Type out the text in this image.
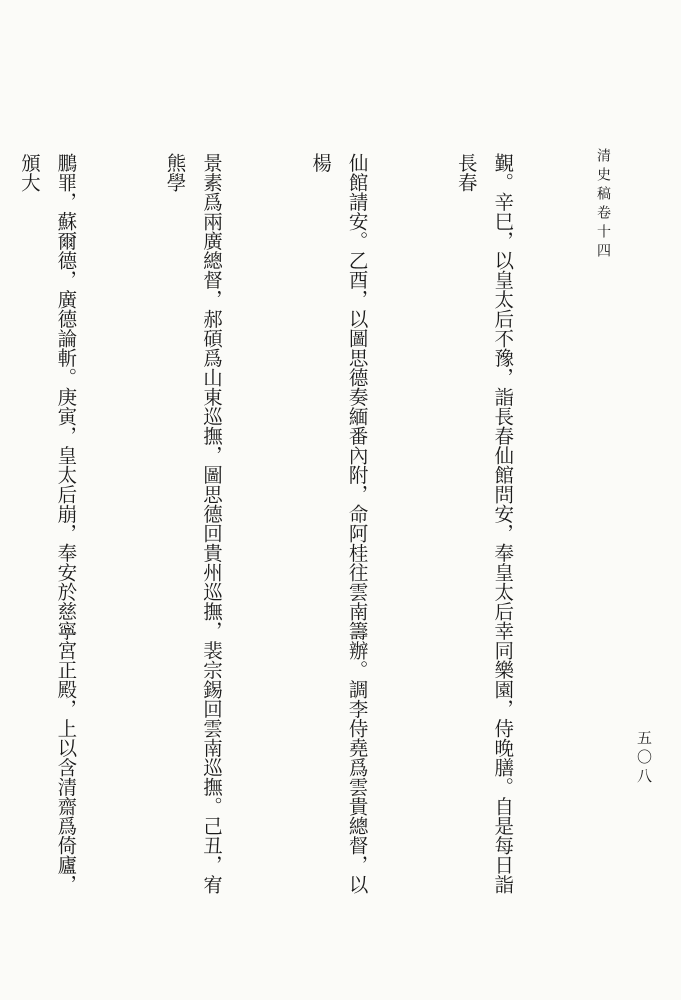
清史稿卷十四
五〇八

覲。辛巳，以皇太后不豫，詣長春仙館問安，奉皇太后幸同樂園，侍晚膳。自是每日詣長春

仙館請安。乙酉，以圖思德奏緬番內附，命阿桂往雲南籌辦。調李侍堯爲雲貴總督，以楊

景素爲兩廣總督，郝碩爲山東巡撫，圖思德回貴州巡撫，裴宗錫回雲南巡撫。己丑，宥熊學

鵬罪，蘇爾德，廣德論斬。庚寅，皇太后崩，奉安於慈寧宮正殿，上以含清齋爲倚廬，頒大
